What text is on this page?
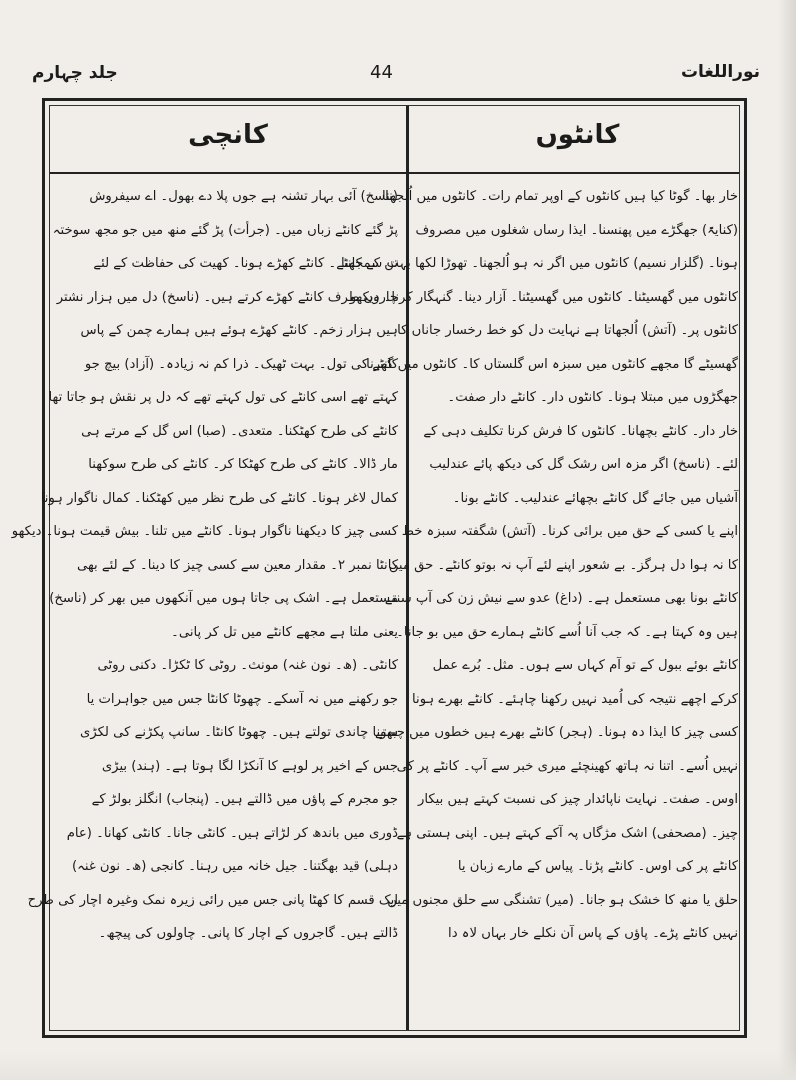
جلد چہارم	44	نوراللغات
کانٹوں
کانچی
خار بھا۔ گوٹا کیا ہیں کانٹوں کے اوپر تمام رات۔ کانٹوں میں اُلجھنا
(کنایۃً) جھگڑے میں پھنسنا۔ ایذا رساں شغلوں میں مصروف
ہونا۔ (گلزار نسیم) کانٹوں میں اگر نہ ہو اُلجھنا۔ تھوڑا لکھا بہت سمجھنا
کانٹوں میں گھسیٹنا۔ کانٹوں میں گھسیٹنا۔ آزار دینا۔ گنہگار کرنا۔ دیکھو
کانٹوں پر۔ (آتش) اُلجھاتا ہے نہایت دل کو خط رخسار جاناں کا
گھسیٹے گا مجھے کانٹوں میں سبزہ اس گلستاں کا۔ کانٹوں میں گھرنا
جھگڑوں میں مبتلا ہونا۔ کانٹوں دار۔ کانٹے دار صفت۔
خار دار۔ کانٹے بچھانا۔ کانٹوں کا فرش کرنا تکلیف دہی کے
لئے۔ (ناسخ) اگر مزہ اس رشک گل کی دیکھ پائے عندلیب
آشیاں میں جائے گل کانٹے بچھائے عندلیب۔ کانٹے بونا۔
اپنے یا کسی کے حق میں برائی کرنا۔ (آتش) شگفتہ سبزہ خط
کا نہ ہوا دل ہرگز۔ بے شعور اپنے لئے آپ نہ بوتو کانٹے۔ حق میں
کانٹے بونا بھی مستعمل ہے۔ (داغ) عدو سے نیش زن کی آپ سنتے
ہیں وہ کہتا ہے۔ کہ جب آنا اُسے کانٹے ہمارے حق میں بو جانا۔
کانٹے بوئے ببول کے تو آم کہاں سے ہوں۔ مثل۔ بُرے عمل
کرکے اچھے نتیجہ کی اُمید نہیں رکھنا چاہئے۔ کانٹے بھرے ہونا
کسی چیز کا ایذا دہ ہونا۔ (ہجر) کانٹے بھرے ہیں خطوں میں چبھتے
نہیں اُسے۔ اتنا نہ ہاتھ کھینچئے میری خبر سے آپ۔ کانٹے پر کی
اوس۔ صفت۔ نہایت ناپائدار چیز کی نسبت کہتے ہیں بیکار
چیز۔ (مصحفی) اشک مژگاں پہ آکے کہتے ہیں۔ اپنی ہستی ہے
کانٹے پر کی اوس۔ کانٹے پڑنا۔ پیاس کے مارے زبان یا
حلق یا منھ کا خشک ہو جانا۔ (میر) تشنگی سے حلق مجنوں میں
نہیں کانٹے پڑے۔ پاؤں کے پاس آن نکلے خار بہاں لاہ دا
(ناسخ) آئی بہار تشنہ ہے جوں پلا دے بھول۔ اے سیفروش
پڑ گئے کانٹے زباں میں۔ (جرأت) پڑ گئے منھ میں جو مجھ سوختہ
تن کے کانٹے۔ کانٹے کھڑے ہونا۔ کھیت کی حفاظت کے لئے
چاروں طرف کانٹے کھڑے کرتے ہیں۔ (ناسخ) دل میں ہزار نشتر
ہیں ہزار زخم۔ کانٹے کھڑے ہوئے ہیں ہمارے چمن کے پاس
کانٹے کی تول۔ بہت ٹھیک۔ ذرا کم نہ زیادہ۔ (آزاد) بیچ جو
کہتے تھے اسی کانٹے کی تول کہتے تھے کہ دل پر نقش ہو جاتا تھا
کانٹے کی طرح کھٹکنا۔ متعدی۔ (صبا) اس گل کے مرتے ہی
مار ڈالا۔ کانٹے کی طرح کھٹکا کر۔ کانٹے کی طرح سوکھنا
کمال لاغر ہونا۔ کانٹے کی طرح نظر میں کھٹکنا۔ کمال ناگوار ہونا
کسی چیز کا دیکھنا ناگوار ہونا۔ کانٹے میں تلنا۔ بیش قیمت ہونا۔ دیکھو
کانٹا نمبر ۲۔ مقدار معین سے کسی چیز کا دینا۔ کے لئے بھی
مستعمل ہے۔ اشک پی جاتا ہوں میں آنکھوں میں بھر کر (ناسخ)
یعنی ملتا ہے مجھے کانٹے میں تل کر پانی۔
کانٹی۔ (ھ۔ نون غنہ) مونث۔ روٹی کا ٹکڑا۔ دکنی روٹی
جو رکھنے میں نہ آسکے۔ چھوٹا کانٹا جس میں جواہرات یا
سونا چاندی تولتے ہیں۔ چھوٹا کانٹا۔ سانپ پکڑنے کی لکڑی
جس کے اخیر پر لوہے کا آنکڑا لگا ہوتا ہے۔ (ہند) بیڑی
جو مجرم کے پاؤں میں ڈالتے ہیں۔ (پنجاب) انگلز بولڑ کے
ڈوری میں باندھ کر لڑاتے ہیں۔ کانٹی جانا۔ کانٹی کھانا۔ (عام
دہلی) قید بھگتنا۔ جیل خانہ میں رہنا۔ کانجی (ھ۔ نون غنہ)
ایک قسم کا کھٹا پانی جس میں رائی زیرہ نمک وغیرہ اچار کی طرح
ڈالتے ہیں۔ گاجروں کے اچار کا پانی۔ چاولوں کی پیچھ۔
